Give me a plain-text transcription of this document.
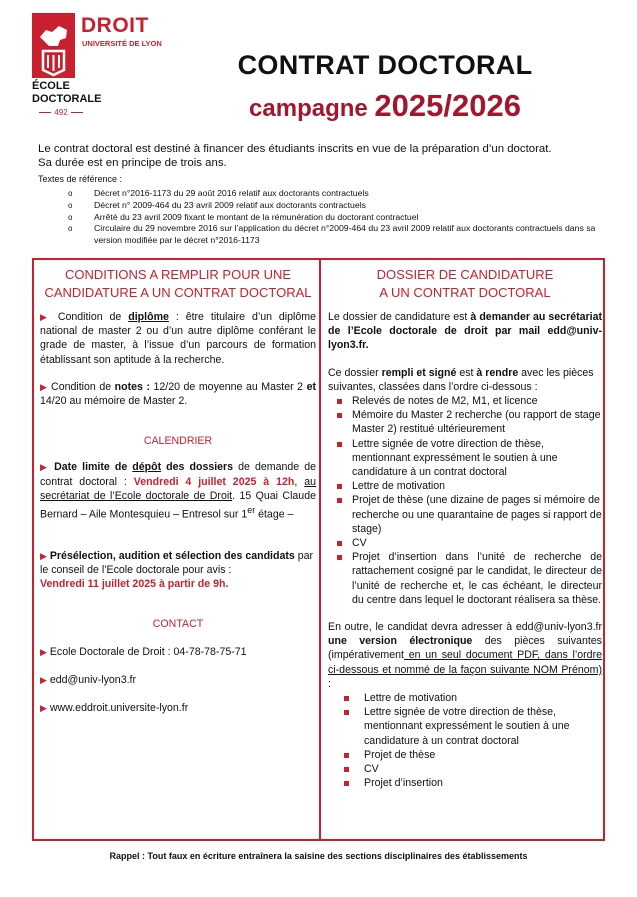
DROIT
UNIVERSITÉ DE LYON
ÉCOLE
DOCTORALE
492
CONTRAT DOCTORAL
campagne 2025/2026
Le contrat doctoral est destiné à financer des étudiants inscrits en vue de la préparation d’un doctorat.
Sa durée est en principe de trois ans.
Textes de référence :
o Décret n°2016-1173 du 29 août 2016 relatif aux doctorants contractuels
o Décret n° 2009-464 du 23 avril 2009 relatif aux doctorants contractuels
o Arrêté du 23 avril 2009 fixant le montant de la rémunération du doctorant contractuel
o Circulaire du 29 novembre 2016 sur l’application du décret n°2009-464 du 23 avril 2009 relatif aux doctorants contractuels dans sa version modifiée par le décret n°2016-1173
CONDITIONS A REMPLIR POUR UNE
CANDIDATURE A UN CONTRAT DOCTORAL

▶ Condition de diplôme : être titulaire d’un diplôme national de master 2 ou d’un autre diplôme conférant le grade de master, à l’issue d’un parcours de formation établissant son aptitude à la recherche.

▶ Condition de notes : 12/20 de moyenne au Master 2 et 14/20 au mémoire de Master 2.

CALENDRIER

▶ Date limite de dépôt des dossiers de demande de contrat doctoral : Vendredi 4 juillet 2025 à 12h, au secrétariat de l’Ecole doctorale de Droit. 15 Quai Claude Bernard – Aile Montesquieu – Entresol sur 1er étage –

▶ Présélection, audition et sélection des candidats par le conseil de l’Ecole doctorale pour avis :
Vendredi 11 juillet 2025 à partir de 9h.

CONTACT

▶ Ecole Doctorale de Droit : 04-78-78-75-71

▶ edd@univ-lyon3.fr

▶ www.eddroit.universite-lyon.fr

DOSSIER DE CANDIDATURE
A UN CONTRAT DOCTORAL

Le dossier de candidature est à demander au secrétariat de l’Ecole doctorale de droit par mail edd@univ-lyon3.fr.

Ce dossier rempli et signé est à rendre avec les pièces suivantes, classées dans l’ordre ci-dessous :

Relevés de notes de M2, M1, et licence
Mémoire du Master 2 recherche (ou rapport de stage Master 2) restitué ultérieurement
Lettre signée de votre direction de thèse, mentionnant expressément le soutien à une candidature à un contrat doctoral
Lettre de motivation
Projet de thèse (une dizaine de pages si mémoire de recherche ou une quarantaine de pages si rapport de stage)
CV
Projet d’insertion dans l’unité de recherche de rattachement cosigné par le candidat, le directeur de l’unité de recherche et, le cas échéant, le directeur du centre dans lequel le doctorant réalisera sa thèse.

En outre, le candidat devra adresser à edd@univ-lyon3.fr une version électronique des pièces suivantes (impérativement en un seul document PDF, dans l’ordre ci-dessous et nommé de la façon suivante NOM Prénom) :

Lettre de motivation
Lettre signée de votre direction de thèse, mentionnant expressément le soutien à une candidature à un contrat doctoral
Projet de thèse
CV
Projet d’insertion
Rappel : Tout faux en écriture entraînera la saisine des sections disciplinaires des établissements
